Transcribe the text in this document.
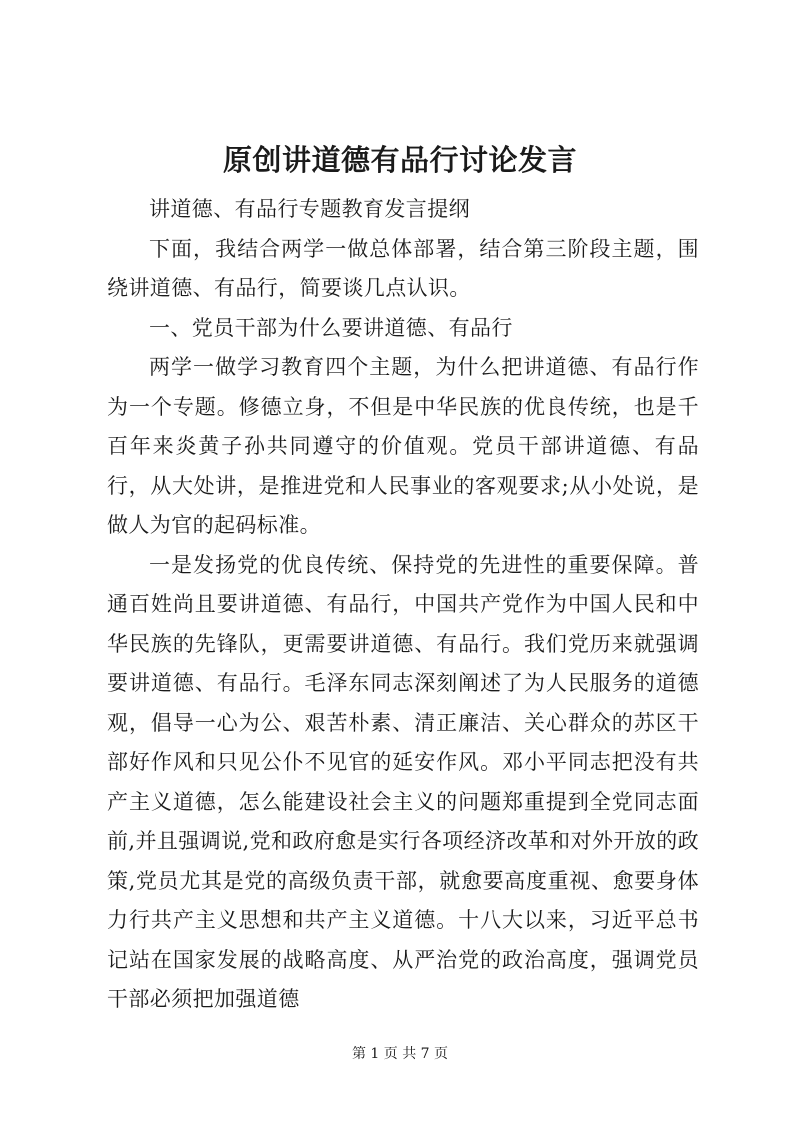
原创讲道德有品行讨论发言

讲道德、有品行专题教育发言提纲

下面，我结合两学一做总体部署，结合第三阶段主题，围绕讲道德、有品行，简要谈几点认识。

一、党员干部为什么要讲道德、有品行

两学一做学习教育四个主题，为什么把讲道德、有品行作为一个专题。修德立身，不但是中华民族的优良传统，也是千百年来炎黄子孙共同遵守的价值观。党员干部讲道德、有品行，从大处讲，是推进党和人民事业的客观要求;从小处说，是做人为官的起码标准。

一是发扬党的优良传统、保持党的先进性的重要保障。普通百姓尚且要讲道德、有品行，中国共产党作为中国人民和中华民族的先锋队，更需要讲道德、有品行。我们党历来就强调要讲道德、有品行。毛泽东同志深刻阐述了为人民服务的道德观，倡导一心为公、艰苦朴素、清正廉洁、关心群众的苏区干部好作风和只见公仆不见官的延安作风。邓小平同志把没有共产主义道德，怎么能建设社会主义的问题郑重提到全党同志面前,并且强调说,党和政府愈是实行各项经济改革和对外开放的政策,党员尤其是党的高级负责干部，就愈要高度重视、愈要身体力行共产主义思想和共产主义道德。十八大以来，习近平总书记站在国家发展的战略高度、从严治党的政治高度，强调党员干部必须把加强道德

第 1 页 共 7 页
